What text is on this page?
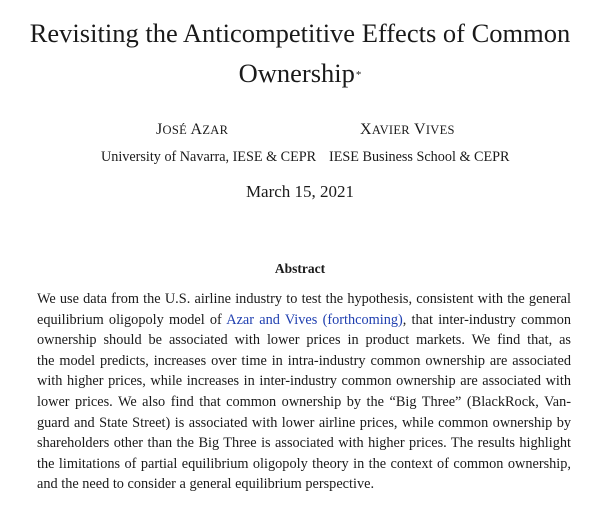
Revisiting the Anticompetitive Effects of Common
Ownership*
JOSÉ AZAR	XAVIER VIVES
University of Navarra, IESE & CEPR IESE Business School & CEPR
March 15, 2021
Abstract
We use data from the U.S. airline industry to test the hypothesis, consistent with the general
equilibrium oligopoly model of Azar and Vives (forthcoming), that inter-industry common
ownership should be associated with lower prices in product markets. We find that, as
the model predicts, increases over time in intra-industry common ownership are associated
with higher prices, while increases in inter-industry common ownership are associated with
lower prices. We also find that common ownership by the “Big Three” (BlackRock, Van-
guard and State Street) is associated with lower airline prices, while common ownership by
shareholders other than the Big Three is associated with higher prices. The results highlight
the limitations of partial equilibrium oligopoly theory in the context of common ownership,
and the need to consider a general equilibrium perspective.
